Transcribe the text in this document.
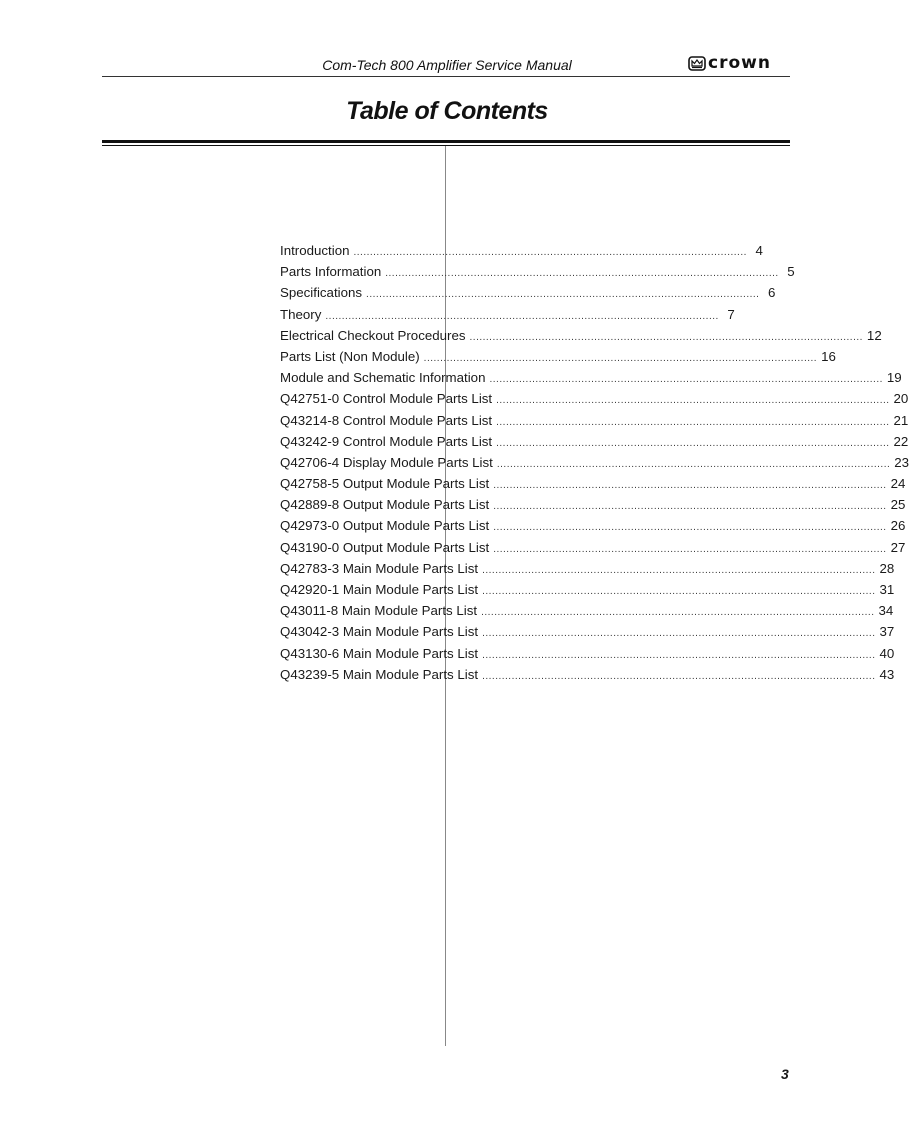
Com-Tech 800 Amplifier Service Manual	crown
Table of Contents
Introduction ........................................................................................................................ 4
Parts Information ........................................................................................................................ 5
Specifications ........................................................................................................................ 6
Theory ........................................................................................................................ 7
Electrical Checkout Procedures ........................................................................................................................ 12
Parts List (Non Module) ........................................................................................................................ 16
Module and Schematic Information ........................................................................................................................ 19
Q42751-0 Control Module Parts List ........................................................................................................................ 20
Q43214-8 Control Module Parts List ........................................................................................................................ 21
Q43242-9 Control Module Parts List ........................................................................................................................ 22
Q42706-4 Display Module Parts List ........................................................................................................................ 23
Q42758-5 Output Module Parts List ........................................................................................................................ 24
Q42889-8 Output Module Parts List ........................................................................................................................ 25
Q42973-0 Output Module Parts List ........................................................................................................................ 26
Q43190-0 Output Module Parts List ........................................................................................................................ 27
Q42783-3 Main Module Parts List ........................................................................................................................ 28
Q42920-1 Main Module Parts List ........................................................................................................................ 31
Q43011-8 Main Module Parts List ........................................................................................................................ 34
Q43042-3 Main Module Parts List ........................................................................................................................ 37
Q43130-6 Main Module Parts List ........................................................................................................................ 40
Q43239-5 Main Module Parts List ........................................................................................................................ 43
3
